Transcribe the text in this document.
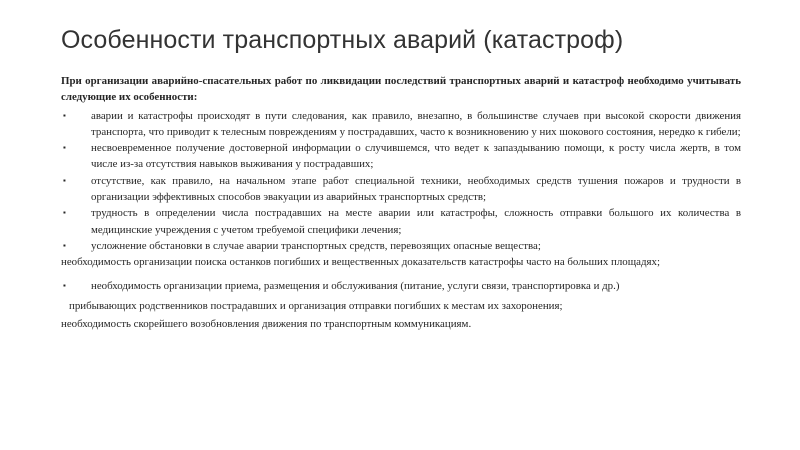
Особенности транспортных аварий (катастроф)

При организации аварийно-спасательных работ по ликвидации последствий транспортных аварий и катастроф необходимо учитывать следующие их особенности:

▪ аварии и катастрофы происходят в пути следования, как правило, внезапно, в большинстве случаев при высокой скорости движения транспорта, что приводит к телесным повреждениям у пострадавших, часто к возникновению у них шокового состояния, нередко к гибели;
▪ несвоевременное получение достоверной информации о случившемся, что ведет к запаздыванию помощи, к росту числа жертв, в том числе из-за отсутствия навыков выживания у пострадавших;
▪ отсутствие, как правило, на начальном этапе работ специальной техники, необходимых средств тушения пожаров и трудности в организации эффективных способов эвакуации из аварийных транспортных средств;
▪ трудность в определении числа пострадавших на месте аварии или катастрофы, сложность отправки большого их количества в медицинские учреждения с учетом требуемой специфики лечения;
▪ усложнение обстановки в случае аварии транспортных средств, перевозящих опасные вещества;

необходимость организации поиска останков погибших и вещественных доказательств катастрофы часто на больших площадях;

▪ необходимость организации приема, размещения и обслуживания (питание, услуги связи, транспортировка и др.)
прибывающих родственников пострадавших и организация отправки погибших к местам их захоронения;

необходимость скорейшего возобновления движения по транспортным коммуникациям.
